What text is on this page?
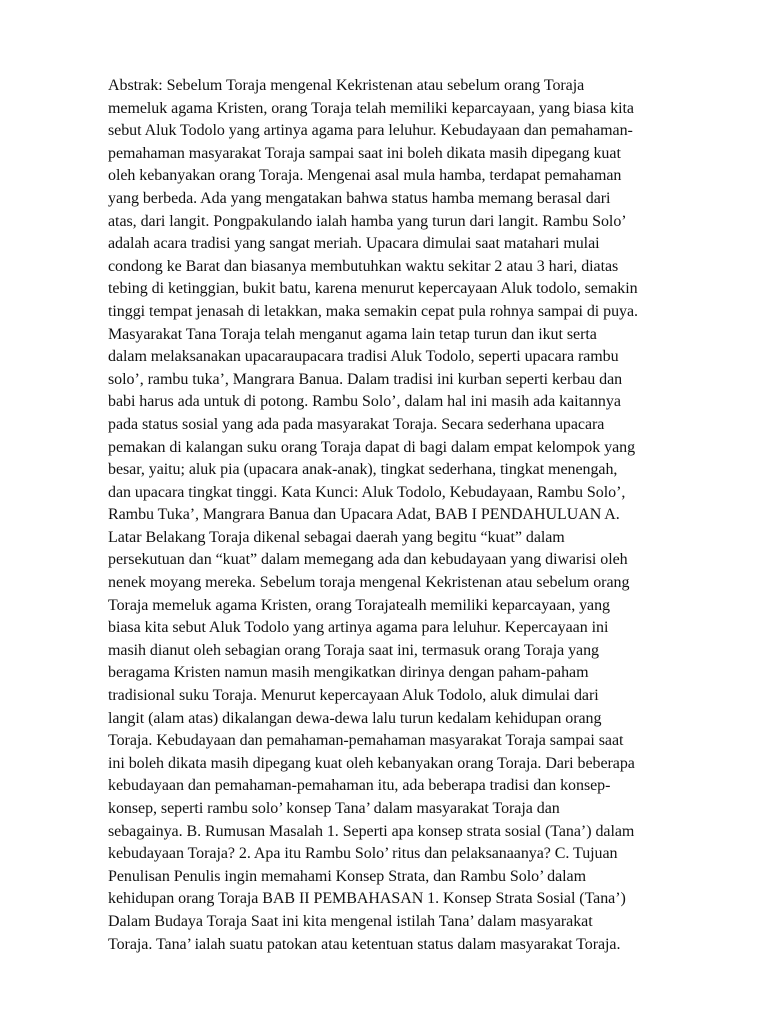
Abstrak: Sebelum Toraja mengenal Kekristenan atau sebelum orang Toraja
memeluk agama Kristen, orang Toraja telah memiliki keparcayaan, yang biasa kita
sebut Aluk Todolo yang artinya agama para leluhur. Kebudayaan dan pemahaman-
pemahaman masyarakat Toraja sampai saat ini boleh dikata masih dipegang kuat
oleh kebanyakan orang Toraja. Mengenai asal mula hamba, terdapat pemahaman
yang berbeda. Ada yang mengatakan bahwa status hamba memang berasal dari
atas, dari langit. Pongpakulando ialah hamba yang turun dari langit. Rambu Solo’
adalah acara tradisi yang sangat meriah. Upacara dimulai saat matahari mulai
condong ke Barat dan biasanya membutuhkan waktu sekitar 2 atau 3 hari, diatas
tebing di ketinggian, bukit batu, karena menurut kepercayaan Aluk todolo, semakin
tinggi tempat jenasah di letakkan, maka semakin cepat pula rohnya sampai di puya.
Masyarakat Tana Toraja telah menganut agama lain tetap turun dan ikut serta
dalam melaksanakan upacaraupacara tradisi Aluk Todolo, seperti upacara rambu
solo’, rambu tuka’, Mangrara Banua. Dalam tradisi ini kurban seperti kerbau dan
babi harus ada untuk di potong. Rambu Solo’, dalam hal ini masih ada kaitannya
pada status sosial yang ada pada masyarakat Toraja. Secara sederhana upacara
pemakan di kalangan suku orang Toraja dapat di bagi dalam empat kelompok yang
besar, yaitu; aluk pia (upacara anak-anak), tingkat sederhana, tingkat menengah,
dan upacara tingkat tinggi. Kata Kunci: Aluk Todolo, Kebudayaan, Rambu Solo’,
Rambu Tuka’, Mangrara Banua dan Upacara Adat, BAB I PENDAHULUAN A.
Latar Belakang Toraja dikenal sebagai daerah yang begitu “kuat” dalam
persekutuan dan “kuat” dalam memegang ada dan kebudayaan yang diwarisi oleh
nenek moyang mereka. Sebelum toraja mengenal Kekristenan atau sebelum orang
Toraja memeluk agama Kristen, orang Torajatealh memiliki keparcayaan, yang
biasa kita sebut Aluk Todolo yang artinya agama para leluhur. Kepercayaan ini
masih dianut oleh sebagian orang Toraja saat ini, termasuk orang Toraja yang
beragama Kristen namun masih mengikatkan dirinya dengan paham-paham
tradisional suku Toraja. Menurut kepercayaan Aluk Todolo, aluk dimulai dari
langit (alam atas) dikalangan dewa-dewa lalu turun kedalam kehidupan orang
Toraja. Kebudayaan dan pemahaman-pemahaman masyarakat Toraja sampai saat
ini boleh dikata masih dipegang kuat oleh kebanyakan orang Toraja. Dari beberapa
kebudayaan dan pemahaman-pemahaman itu, ada beberapa tradisi dan konsep-
konsep, seperti rambu solo’ konsep Tana’ dalam masyarakat Toraja dan
sebagainya. B. Rumusan Masalah 1. Seperti apa konsep strata sosial (Tana’) dalam
kebudayaan Toraja? 2. Apa itu Rambu Solo’ ritus dan pelaksanaanya? C. Tujuan
Penulisan Penulis ingin memahami Konsep Strata, dan Rambu Solo’ dalam
kehidupan orang Toraja BAB II PEMBAHASAN 1. Konsep Strata Sosial (Tana’)
Dalam Budaya Toraja Saat ini kita mengenal istilah Tana’ dalam masyarakat
Toraja. Tana’ ialah suatu patokan atau ketentuan status dalam masyarakat Toraja.
